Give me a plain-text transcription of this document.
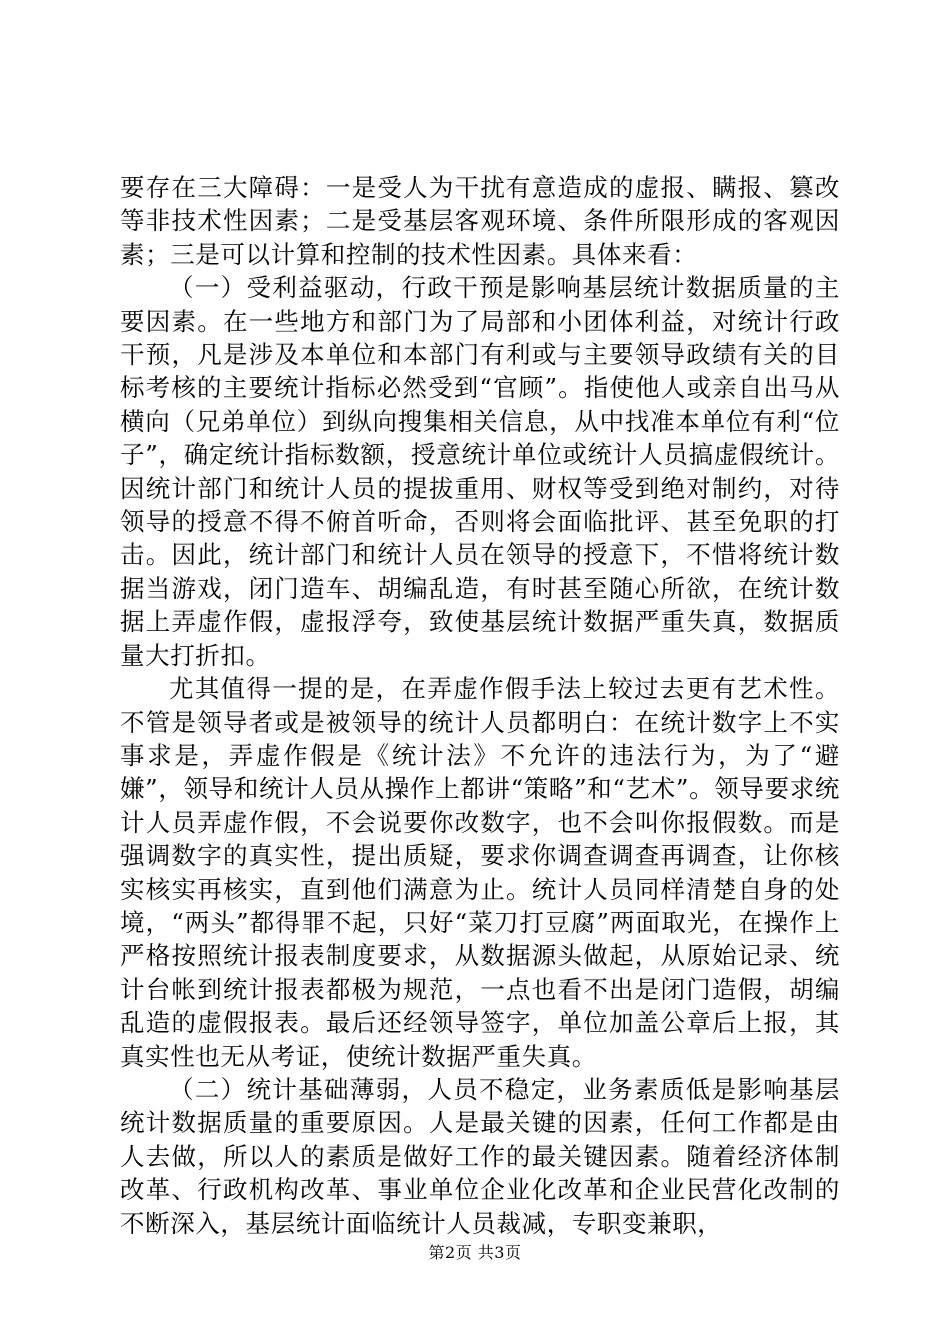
要存在三大障碍：一是受人为干扰有意造成的虚报、瞒报、篡改等非技术性因素；二是受基层客观环境、条件所限形成的客观因素；三是可以计算和控制的技术性因素。具体来看：

（一）受利益驱动，行政干预是影响基层统计数据质量的主要因素。在一些地方和部门为了局部和小团体利益，对统计行政干预，凡是涉及本单位和本部门有利或与主要领导政绩有关的目标考核的主要统计指标必然受到“官顾”。指使他人或亲自出马从横向（兄弟单位）到纵向搜集相关信息，从中找准本单位有利“位子”，确定统计指标数额，授意统计单位或统计人员搞虚假统计。因统计部门和统计人员的提拔重用、财权等受到绝对制约，对待领导的授意不得不俯首听命，否则将会面临批评、甚至免职的打击。因此，统计部门和统计人员在领导的授意下，不惜将统计数据当游戏，闭门造车、胡编乱造，有时甚至随心所欲，在统计数据上弄虚作假，虚报浮夸，致使基层统计数据严重失真，数据质量大打折扣。

尤其值得一提的是，在弄虚作假手法上较过去更有艺术性。不管是领导者或是被领导的统计人员都明白：在统计数字上不实事求是，弄虚作假是《统计法》不允许的违法行为，为了“避嫌”，领导和统计人员从操作上都讲“策略”和“艺术”。领导要求统计人员弄虚作假，不会说要你改数字，也不会叫你报假数。而是强调数字的真实性，提出质疑，要求你调查调查再调查，让你核实核实再核实，直到他们满意为止。统计人员同样清楚自身的处境，“两头”都得罪不起，只好“菜刀打豆腐”两面取光，在操作上严格按照统计报表制度要求，从数据源头做起，从原始记录、统计台帐到统计报表都极为规范，一点也看不出是闭门造假，胡编乱造的虚假报表。最后还经领导签字，单位加盖公章后上报，其真实性也无从考证，使统计数据严重失真。

（二）统计基础薄弱，人员不稳定，业务素质低是影响基层统计数据质量的重要原因。人是最关键的因素，任何工作都是由人去做，所以人的素质是做好工作的最关键因素。随着经济体制改革、行政机构改革、事业单位企业化改革和企业民营化改制的不断深入，基层统计面临统计人员裁减，专职变兼职，

第2页 共3页
